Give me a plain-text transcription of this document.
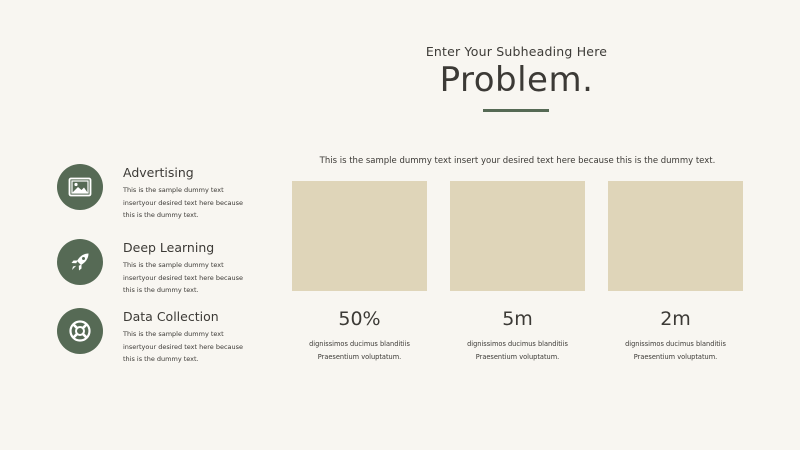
Enter Your Subheading Here
Problem.
This is the sample dummy text insert your desired text here because this is the dummy text.
Advertising
This is the sample dummy text insertyour desired text here because this is the dummy text.
Deep Learning
This is the sample dummy text insertyour desired text here because this is the dummy text.
Data Collection
This is the sample dummy text insertyour desired text here because this is the dummy text.
50%
dignissimos ducimus blanditiis
Praesentium voluptatum.
5m
dignissimos ducimus blanditiis
Praesentium voluptatum.
2m
dignissimos ducimus blanditiis
Praesentium voluptatum.
